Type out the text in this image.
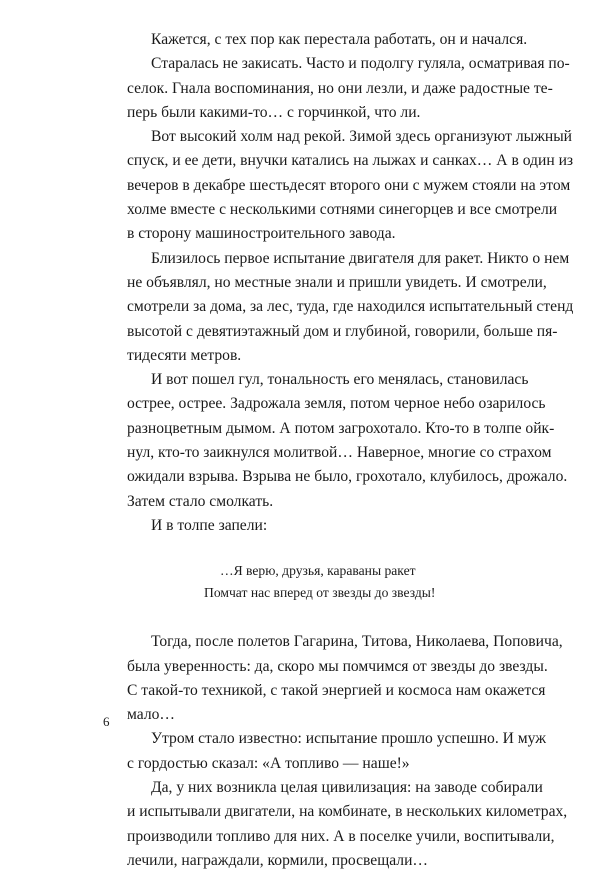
Кажется, с тех пор как перестала работать, он и начался.
Старалась не закисать. Часто и подолгу гуляла, осматривая по-
селок. Гнала воспоминания, но они лезли, и даже радостные те-
перь были какими-то… с горчинкой, что ли.
Вот высокий холм над рекой. Зимой здесь организуют лыжный
спуск, и ее дети, внучки катались на лыжах и санках… А в один из
вечеров в декабре шестьдесят второго они с мужем стояли на этом
холме вместе с несколькими сотнями синегорцев и все смотрели
в сторону машиностроительного завода.
Близилось первое испытание двигателя для ракет. Никто о нем
не объявлял, но местные знали и пришли увидеть. И смотрели,
смотрели за дома, за лес, туда, где находился испытательный стенд
высотой с девятиэтажный дом и глубиной, говорили, больше пя-
тидесяти метров.
И вот пошел гул, тональность его менялась, становилась
острее, острее. Задрожала земля, потом черное небо озарилось
разноцветным дымом. А потом загрохотало. Кто-то в толпе ойк-
нул, кто-то заикнулся молитвой… Наверное, многие со страхом
ожидали взрыва. Взрыва не было, грохотало, клубилось, дрожало.
Затем стало смолкать.
И в толпе запели:
…Я верю, друзья, караваны ракет
Помчат нас вперед от звезды до звезды!
Тогда, после полетов Гагарина, Титова, Николаева, Поповича,
была уверенность: да, скоро мы помчимся от звезды до звезды.
С такой-то техникой, с такой энергией и космоса нам окажется
мало…
Утром стало известно: испытание прошло успешно. И муж
с гордостью сказал: «А топливо — наше!»
Да, у них возникла целая цивилизация: на заводе собирали
и испытывали двигатели, на комбинате, в нескольких километрах,
производили топливо для них. А в поселке учили, воспитывали,
лечили, награждали, кормили, просвещали…
6
